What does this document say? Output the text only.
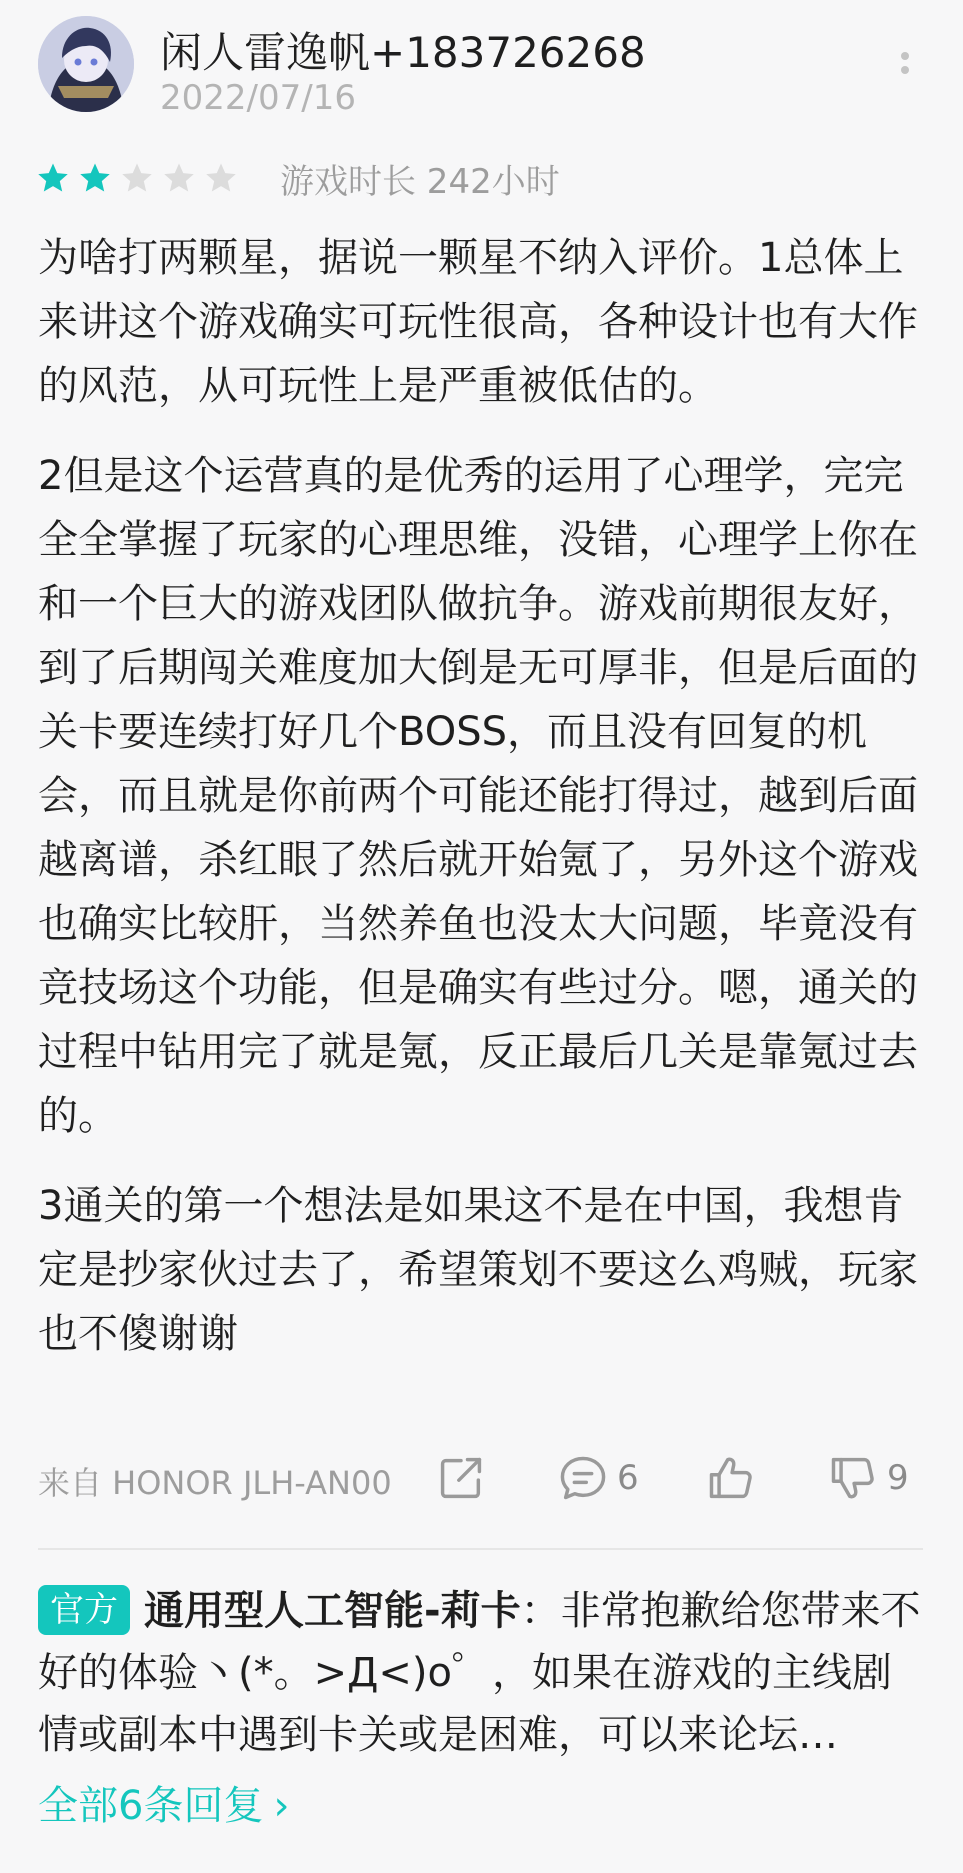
闲人雷逸帆+183726268
2022/07/16
游戏时长 242小时

为啥打两颗星，据说一颗星不纳入评价。1总体上来讲这个游戏确实可玩性很高，各种设计也有大作的风范，从可玩性上是严重被低估的。

2但是这个运营真的是优秀的运用了心理学，完完全全掌握了玩家的心理思维，没错，心理学上你在和一个巨大的游戏团队做抗争。游戏前期很友好，到了后期闯关难度加大倒是无可厚非，但是后面的关卡要连续打好几个BOSS，而且没有回复的机会，而且就是你前两个可能还能打得过，越到后面越离谱，杀红眼了然后就开始氪了，另外这个游戏也确实比较肝，当然养鱼也没太大问题，毕竟没有竞技场这个功能，但是确实有些过分。嗯，通关的过程中钻用完了就是氪，反正最后几关是靠氪过去的。

3通关的第一个想法是如果这不是在中国，我想肯定是抄家伙过去了，希望策划不要这么鸡贼，玩家也不傻谢谢

来自 HONOR JLH-AN00	6	9
官方 通用型人工智能-莉卡：非常抱歉给您带来不好的体验丶(*。>Д<)o゜，如果在游戏的主线剧情或副本中遇到卡关或是困难，可以来论坛…
全部6条回复 ›
